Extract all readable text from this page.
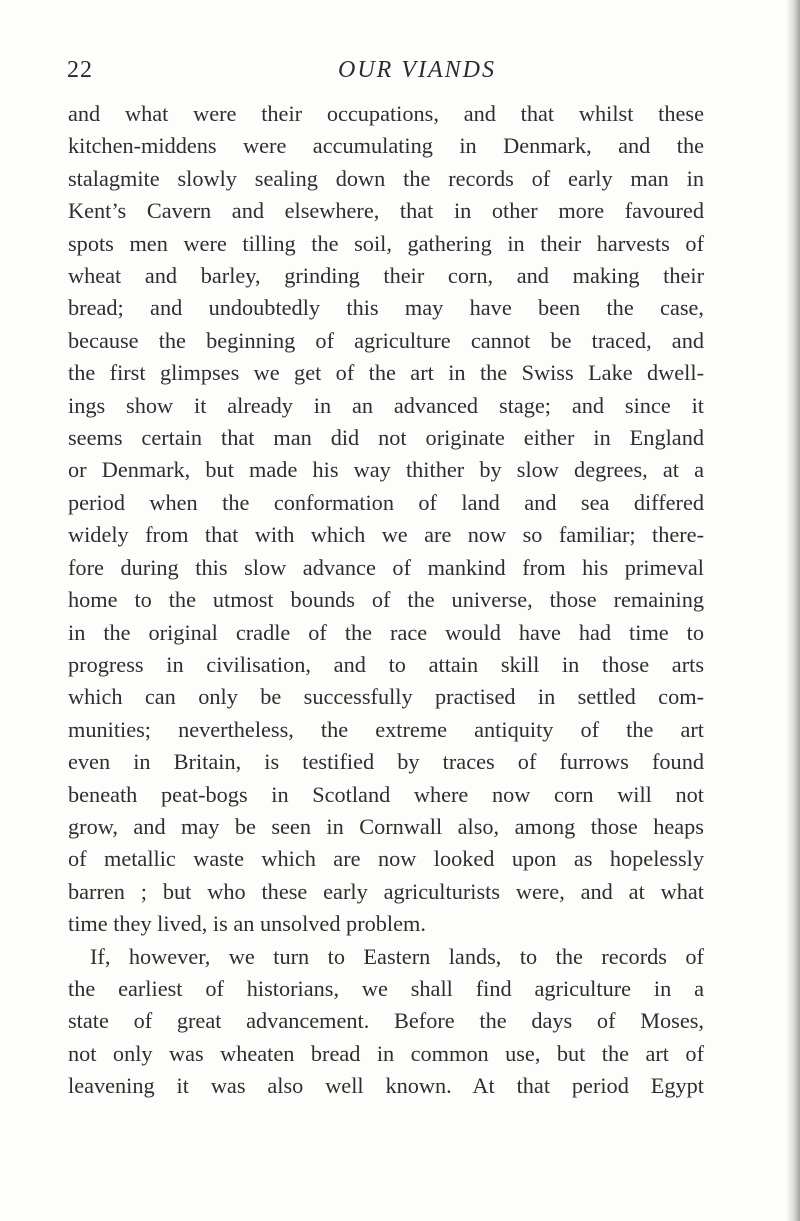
22	OUR VIANDS
and what were their occupations, and that whilst these
kitchen-middens were accumulating in Denmark, and the
stalagmite slowly sealing down the records of early man in
Kent’s Cavern and elsewhere, that in other more favoured
spots men were tilling the soil, gathering in their harvests of
wheat and barley, grinding their corn, and making their
bread; and undoubtedly this may have been the case,
because the beginning of agriculture cannot be traced, and
the first glimpses we get of the art in the Swiss Lake dwell-
ings show it already in an advanced stage; and since it
seems certain that man did not originate either in England
or Denmark, but made his way thither by slow degrees, at a
period when the conformation of land and sea differed
widely from that with which we are now so familiar; there-
fore during this slow advance of mankind from his primeval
home to the utmost bounds of the universe, those remaining
in the original cradle of the race would have had time to
progress in civilisation, and to attain skill in those arts
which can only be successfully practised in settled com-
munities; nevertheless, the extreme antiquity of the art
even in Britain, is testified by traces of furrows found
beneath peat-bogs in Scotland where now corn will not
grow, and may be seen in Cornwall also, among those heaps
of metallic waste which are now looked upon as hopelessly
barren ; but who these early agriculturists were, and at what
time they lived, is an unsolved problem.
If, however, we turn to Eastern lands, to the records of
the earliest of historians, we shall find agriculture in a
state of great advancement. Before the days of Moses,
not only was wheaten bread in common use, but the art of
leavening it was also well known. At that period Egypt
